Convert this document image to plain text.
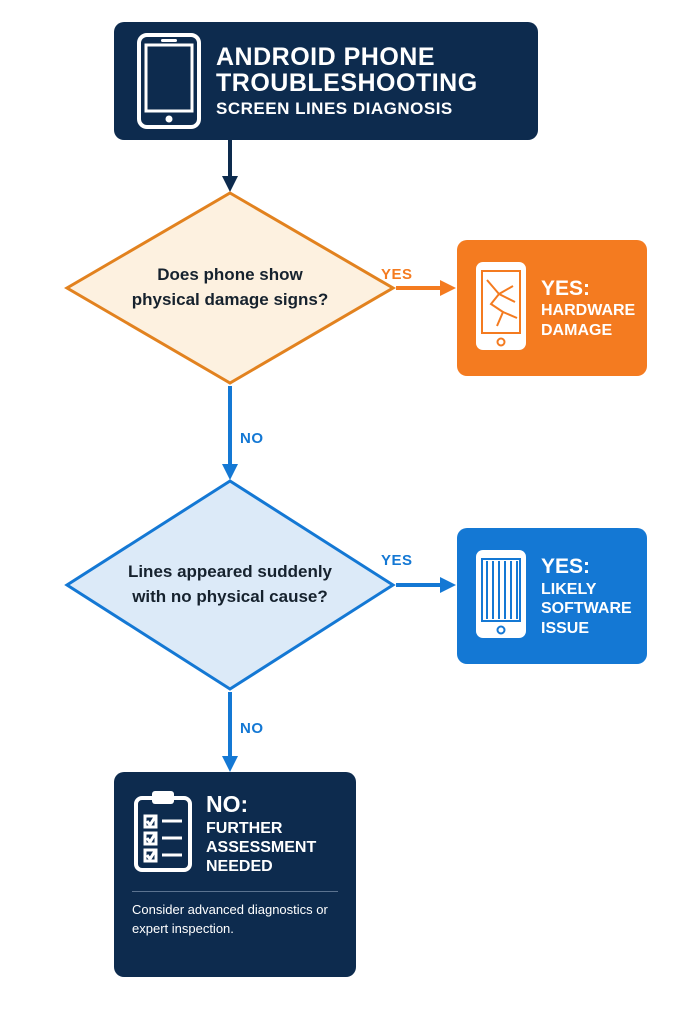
ANDROID PHONE
TROUBLESHOOTING
SCREEN LINES DIAGNOSIS
Does phone show physical damage signs?
Lines appeared suddenly with no physical cause?
YES:
HARDWARE
DAMAGE
YES:
LIKELY
SOFTWARE
ISSUE
NO:
FURTHER
ASSESSMENT
NEEDED
Consider advanced diagnostics or expert inspection.
YES
NO
YES
NO
